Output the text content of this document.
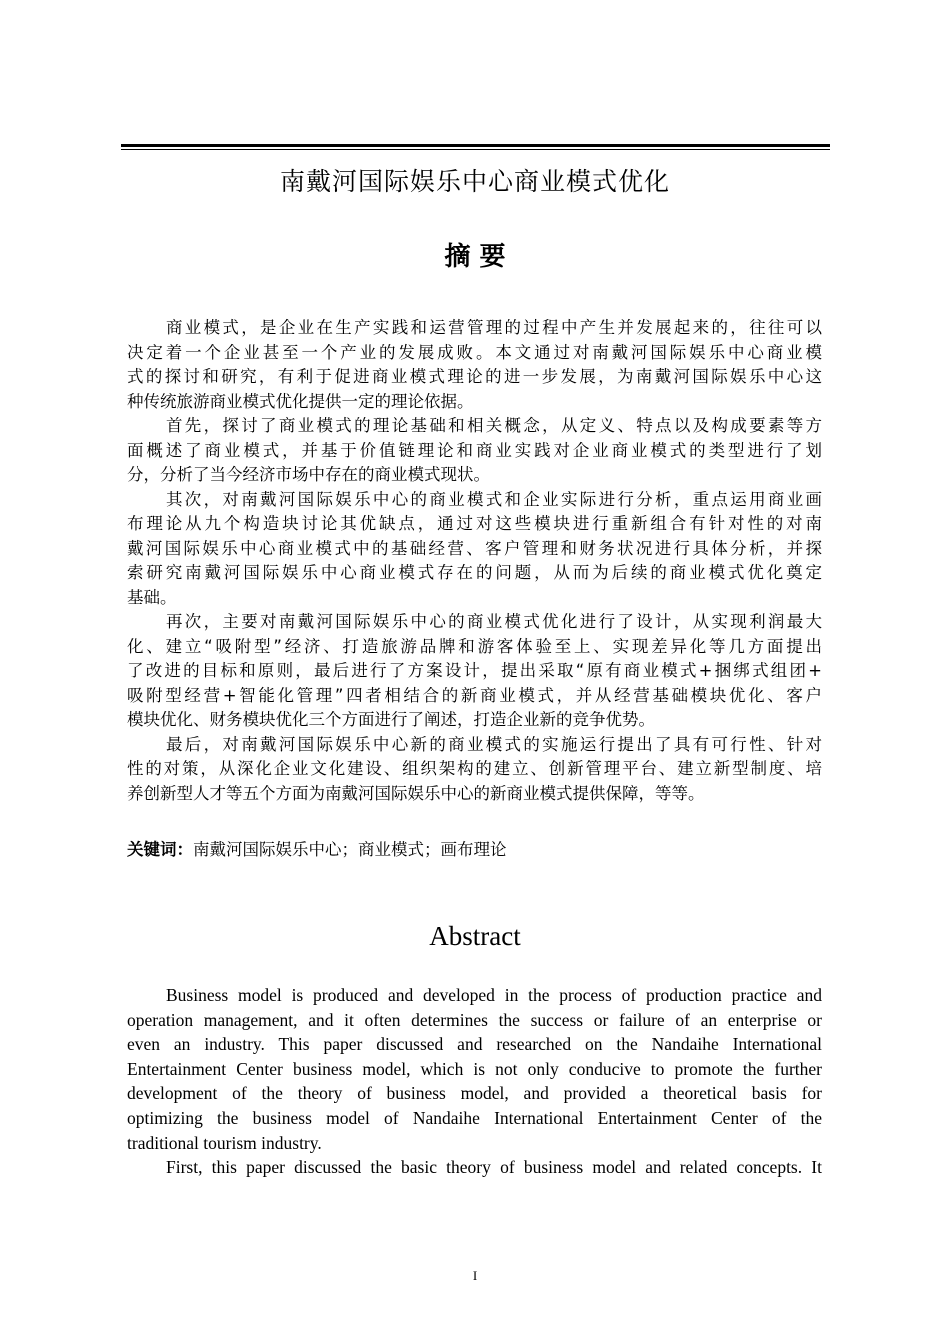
南戴河国际娱乐中心商业模式优化
摘 要
商业模式，是企业在生产实践和运营管理的过程中产生并发展起来的，往往可以
决定着一个企业甚至一个产业的发展成败。本文通过对南戴河国际娱乐中心商业模
式的探讨和研究，有利于促进商业模式理论的进一步发展，为南戴河国际娱乐中心这
种传统旅游商业模式优化提供一定的理论依据。
首先，探讨了商业模式的理论基础和相关概念，从定义、特点以及构成要素等方
面概述了商业模式，并基于价值链理论和商业实践对企业商业模式的类型进行了划
分，分析了当今经济市场中存在的商业模式现状。
其次，对南戴河国际娱乐中心的商业模式和企业实际进行分析，重点运用商业画
布理论从九个构造块讨论其优缺点，通过对这些模块进行重新组合有针对性的对南
戴河国际娱乐中心商业模式中的基础经营、客户管理和财务状况进行具体分析，并探
索研究南戴河国际娱乐中心商业模式存在的问题，从而为后续的商业模式优化奠定
基础。
再次，主要对南戴河国际娱乐中心的商业模式优化进行了设计，从实现利润最大
化、建立“吸附型”经济、打造旅游品牌和游客体验至上、实现差异化等几方面提出
了改进的目标和原则，最后进行了方案设计，提出采取“原有商业模式+捆绑式组团+
吸附型经营+智能化管理”四者相结合的新商业模式，并从经营基础模块优化、客户
模块优化、财务模块优化三个方面进行了阐述，打造企业新的竞争优势。
最后，对南戴河国际娱乐中心新的商业模式的实施运行提出了具有可行性、针对
性的对策，从深化企业文化建设、组织架构的建立、创新管理平台、建立新型制度、培
养创新型人才等五个方面为南戴河国际娱乐中心的新商业模式提供保障，等等。
关键词：南戴河国际娱乐中心；商业模式；画布理论
Abstract
Business model is produced and developed in the process of production practice and
operation management, and it often determines the success or failure of an enterprise or
even an industry. This paper discussed and researched on the Nandaihe International
Entertainment Center business model, which is not only conducive to promote the further
development of the theory of business model, and provided a theoretical basis for
optimizing the business model of Nandaihe International Entertainment Center of the
traditional tourism industry.
First, this paper discussed the basic theory of business model and related concepts. It
I
